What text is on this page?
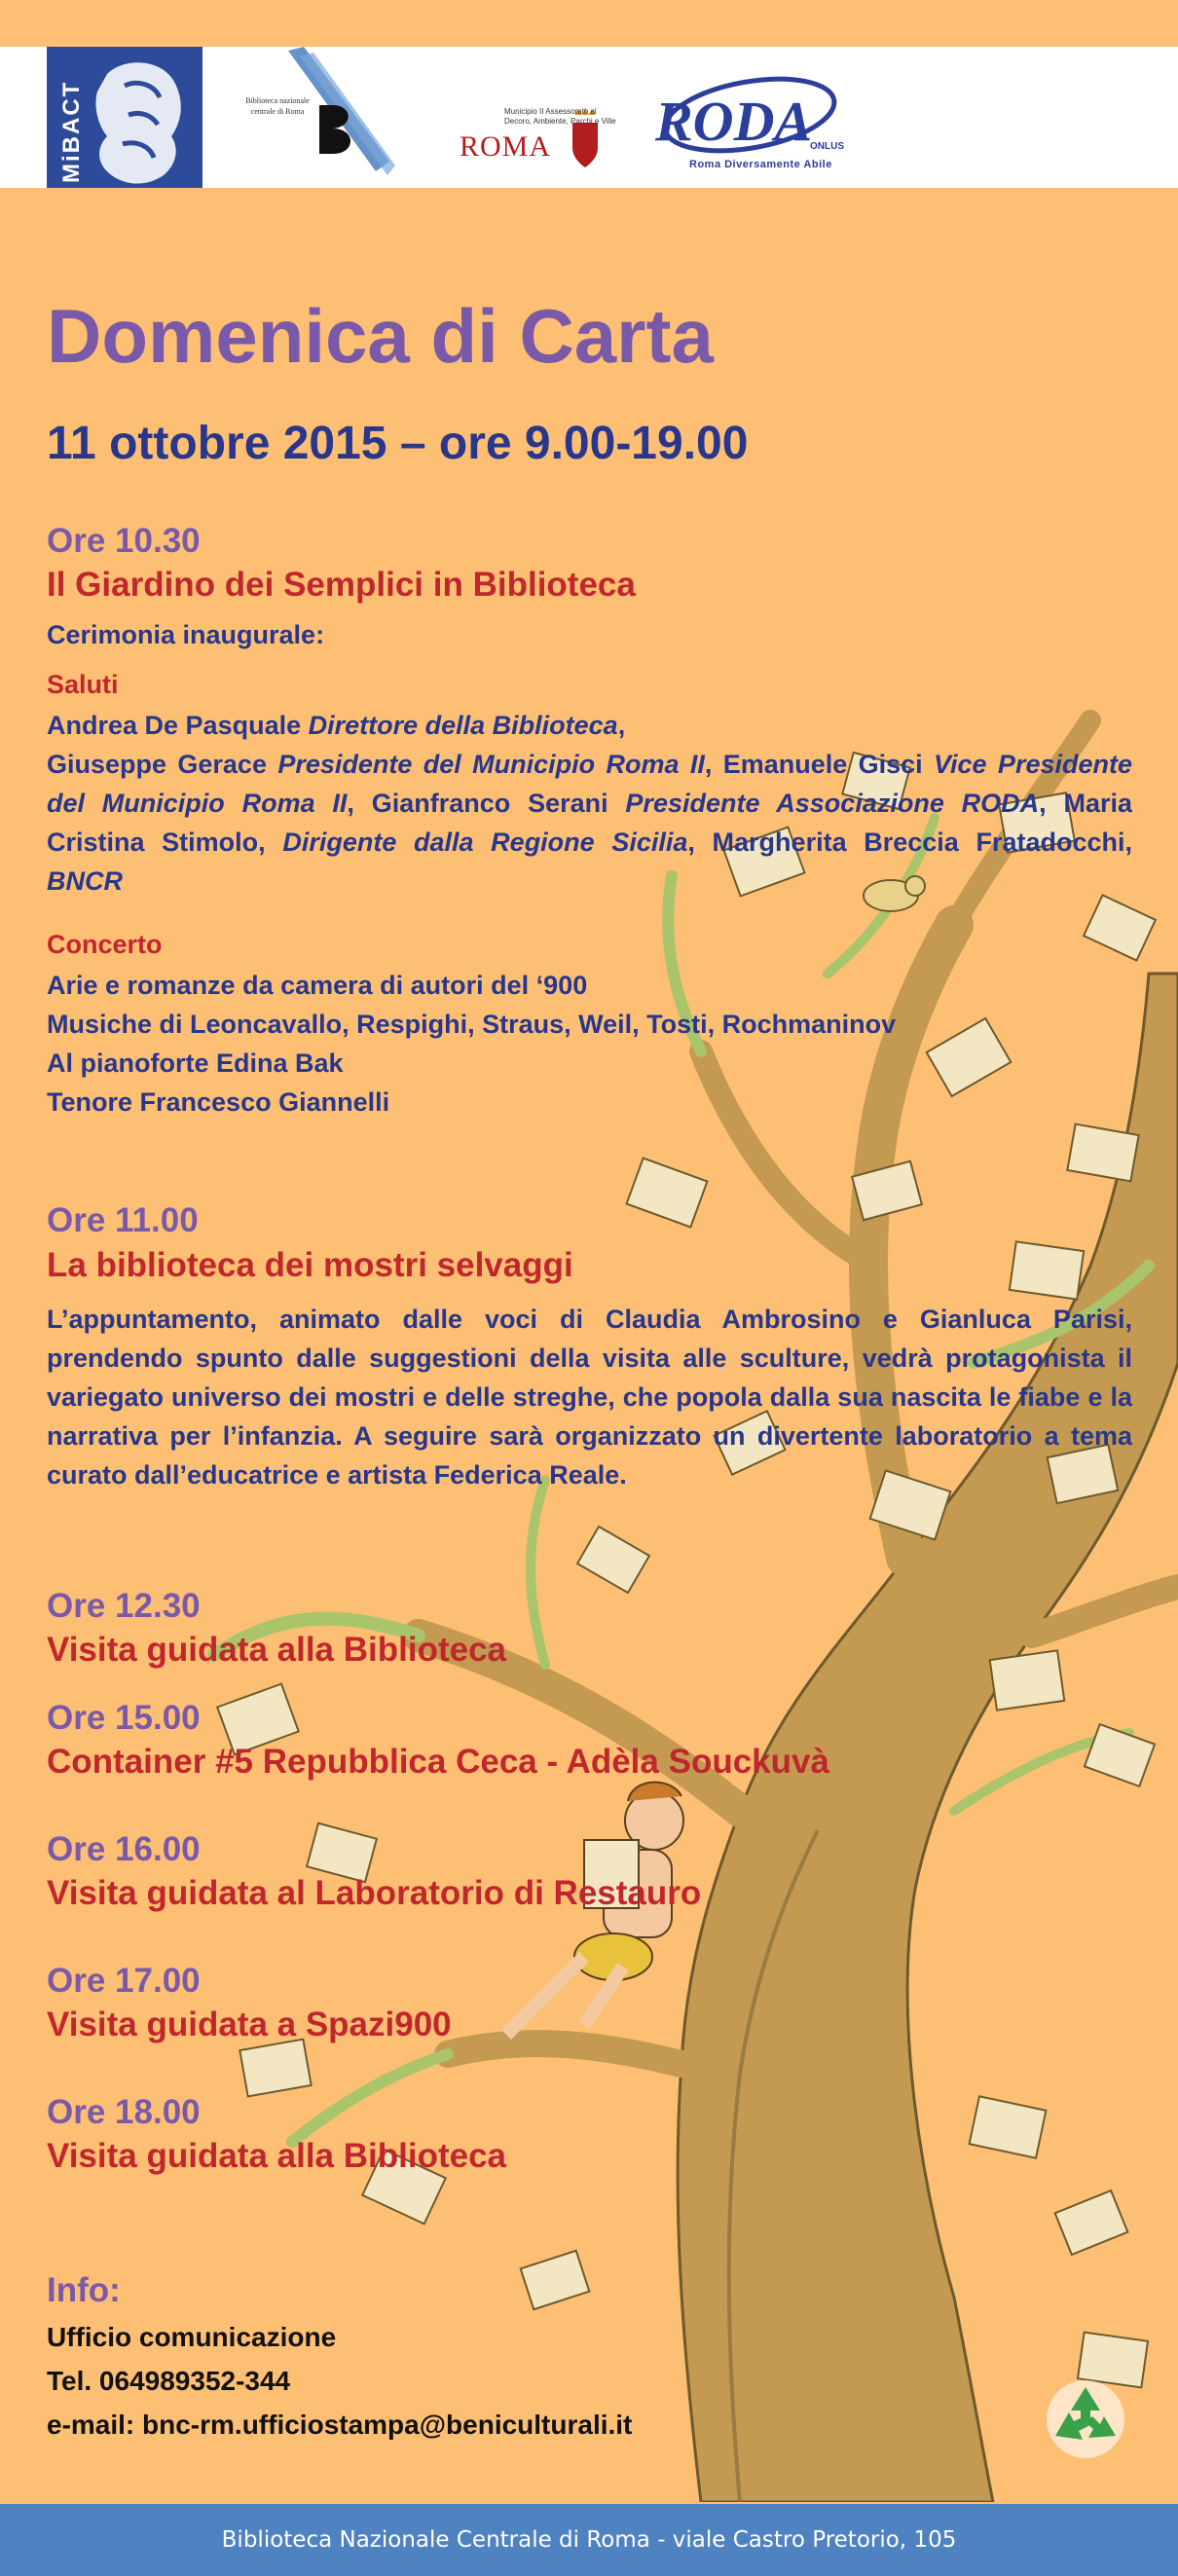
MiBACT	Biblioteca nazionale centrale di Roma
ROMA
Municipio II Assessorato al Decoro, Ambiente, Parchi e Ville RODA
ONLUS
Roma Diversamente Abile
Domenica di Carta
11 ottobre 2015 – ore 9.00-19.00
Ore 10.30
Il Giardino dei Semplici in Biblioteca
Cerimonia inaugurale:
Saluti
Andrea De Pasquale Direttore della Biblioteca,
Giuseppe Gerace Presidente del Municipio Roma II, Emanuele Gisci Vice Presidente del Municipio Roma II, Gianfranco Serani Presidente Associazione RODA, Maria Cristina Stimolo, Dirigente dalla Regione Sicilia, Margherita Breccia Fratadocchi, BNCR
Concerto
Arie e romanze da camera di autori del ‘900
Musiche di Leoncavallo, Respighi, Straus, Weil, Tosti, Rochmaninov
Al pianoforte Edina Bak
Tenore Francesco Giannelli
Ore 11.00
La biblioteca dei mostri selvaggi
L’appuntamento, animato dalle voci di Claudia Ambrosino e Gianluca Parisi, prendendo spunto dalle suggestioni della visita alle sculture, vedrà protagonista il variegato universo dei mostri e delle streghe, che popola dalla sua nascita le fiabe e la narrativa per l’infanzia. A seguire sarà organizzato un divertente laboratorio a tema curato dall’educatrice e artista Federica Reale.
Ore 12.30
Visita guidata alla Biblioteca
Ore 15.00
Container #5 Repubblica Ceca - Adèla Souckuvà
Ore 16.00
Visita guidata al Laboratorio di Restauro
Ore 17.00
Visita guidata a Spazi900
Ore 18.00
Visita guidata alla Biblioteca
Info:
Ufficio comunicazione
Tel. 064989352-344
e-mail: bnc-rm.ufficiostampa@beniculturali.it
Biblioteca Nazionale Centrale di Roma - viale Castro Pretorio, 105
